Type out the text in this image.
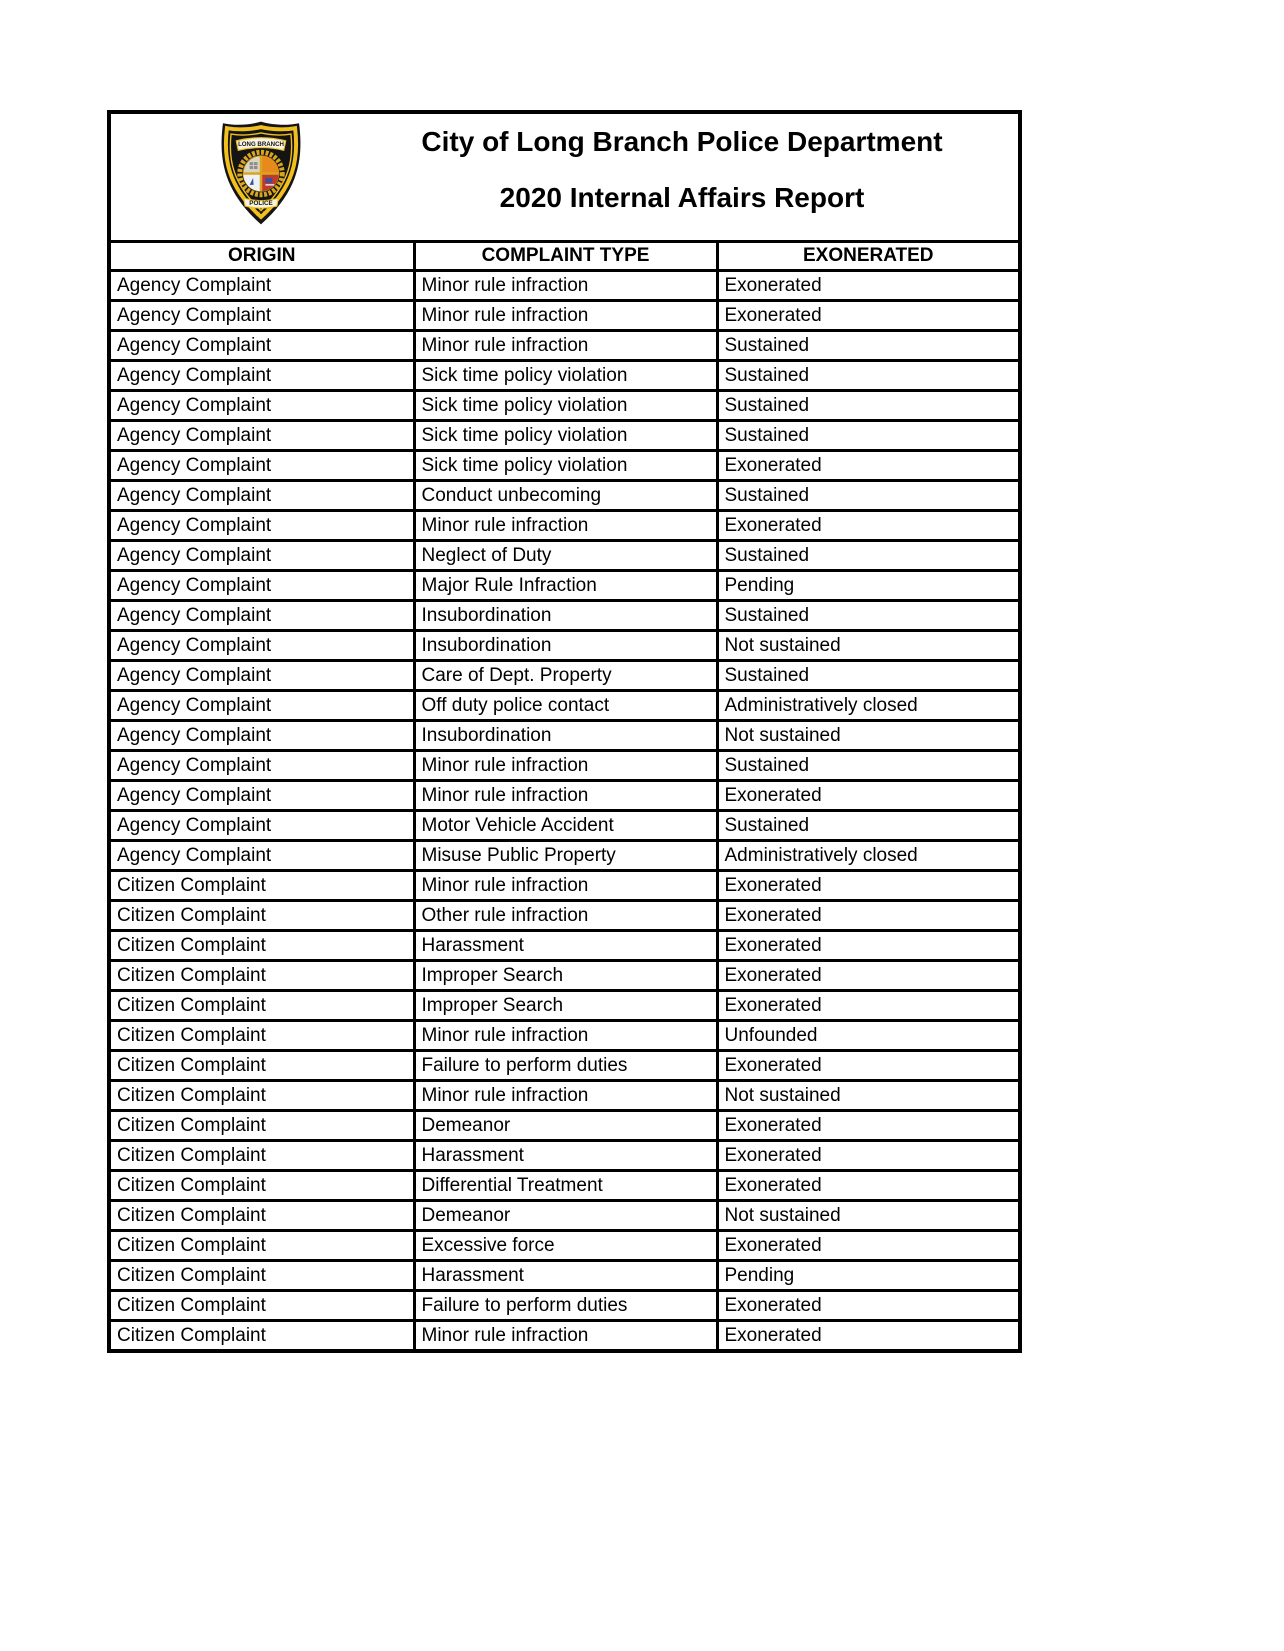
LONG BRANCH
POLICE
N.J.
City of Long Branch Police Department
2020 Internal Affairs Report		

ORIGIN	COMPLAINT TYPE	EXONERATED
Agency Complaint	Minor rule infraction	Exonerated
Agency Complaint	Minor rule infraction	Exonerated
Agency Complaint	Minor rule infraction	Sustained
Agency Complaint	Sick time policy violation	Sustained
Agency Complaint	Sick time policy violation	Sustained
Agency Complaint	Sick time policy violation	Sustained
Agency Complaint	Sick time policy violation	Exonerated
Agency Complaint	Conduct unbecoming	Sustained
Agency Complaint	Minor rule infraction	Exonerated
Agency Complaint	Neglect of Duty	Sustained
Agency Complaint	Major Rule Infraction	Pending
Agency Complaint	Insubordination	Sustained
Agency Complaint	Insubordination	Not sustained
Agency Complaint	Care of Dept. Property	Sustained
Agency Complaint	Off duty police contact	Administratively closed
Agency Complaint	Insubordination	Not sustained
Agency Complaint	Minor rule infraction	Sustained
Agency Complaint	Minor rule infraction	Exonerated
Agency Complaint	Motor Vehicle Accident	Sustained
Agency Complaint	Misuse Public Property	Administratively closed
Citizen Complaint	Minor rule infraction	Exonerated
Citizen Complaint	Other rule infraction	Exonerated
Citizen Complaint	Harassment	Exonerated
Citizen Complaint	Improper Search	Exonerated
Citizen Complaint	Improper Search	Exonerated
Citizen Complaint	Minor rule infraction	Unfounded
Citizen Complaint	Failure to perform duties	Exonerated
Citizen Complaint	Minor rule infraction	Not sustained
Citizen Complaint	Demeanor	Exonerated
Citizen Complaint	Harassment	Exonerated
Citizen Complaint	Differential Treatment	Exonerated
Citizen Complaint	Demeanor	Not sustained
Citizen Complaint	Excessive force	Exonerated
Citizen Complaint	Harassment	Pending
Citizen Complaint	Failure to perform duties	Exonerated
Citizen Complaint	Minor rule infraction	Exonerated
